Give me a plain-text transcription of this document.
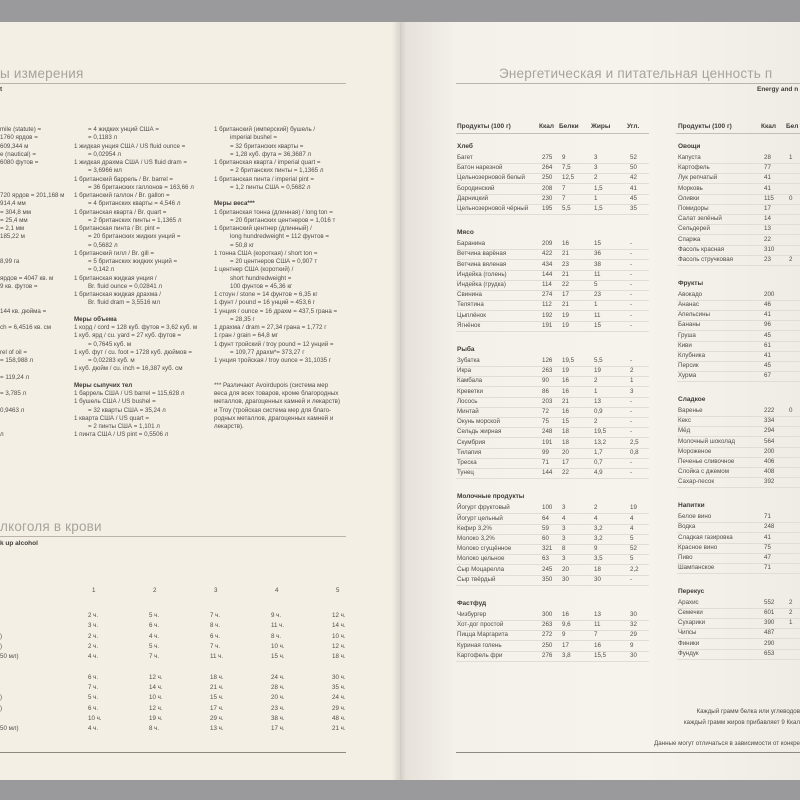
ы измерения
t
лкоголя в крови
k up alcohol
mile (statute) =
1760 ярдов =
609,344 м
e (nautical) =
6080 футов =
720 ярдов = 201,168 м
914,4 мм
= 304,8 мм
= 25,4 мм
= 2,1 мм
185,22 м
8,99 га
ярдов = 4047 кв. м
9 кв. футов =
144 кв. дюйма =
ch = 6,4516 кв. см
rel of oil =
= 158,988 л
= 119,24 л
= 3,785 л
0,9463 л
л
= 4 жидких унций США =
= 0,1183 л
1 жидкая унция США / US fluid ounce =
= 0,02954 л
1 жидкая драхма США / US fluid dram =
= 3,6966 мл
1 британский баррель / Br. barrel =
= 36 британских галлонов = 163,66 л
1 британский галлон / Br. gallon =
= 4 британских кварты = 4,546 л
1 британская кварта / Br. quart =
= 2 британских пинты = 1,1365 л
1 британская пинта / Br. pint =
= 20 британских жидких унций =
= 0,5682 л
1 британский гилл / Br. gill =
= 5 британских жидких унций =
= 0,142 л
1 британская жидкая унция /
Br. fluid ounce = 0,02841 л
1 британская жидкая драхма /
Br. fluid dram = 3,5516 мл
Меры объема
1 корд / cord = 128 куб. футов = 3,62 куб. м
1 куб. ярд / cu. yard = 27 куб. футов =
= 0,7645 куб. м
1 куб. фут / cu. foot = 1728 куб. дюймов =
= 0,02283 куб. м
1 куб. дюйм / cu. inch = 16,387 куб. см
Меры сыпучих тел
1 баррель США / US barrel = 115,628 л
1 бушель США / US bushel =
= 32 кварты США = 35,24 л
1 кварта США / US quart =
= 2 пинты США = 1,101 л
1 пинта США / US pint = 0,5506 л
1 британский (имперский) бушель /
imperial bushel =
= 32 британских кварты =
= 1,28 куб. фута = 36,3687 л
1 британская кварта / imperial quart =
= 2 британских пинты = 1,1365 л
1 британская пинта / imperial pint =
= 1,2 пинты США = 0,5682 л
Меры веса***
1 британская тонна (длинная) / long ton =
= 20 британских центнеров = 1,016 т
1 британский центнер (длинный) /
long hundredweight = 112 фунтов =
= 50,8 кг
1 тонна США (короткая) / short ton =
= 20 центнеров США = 0,907 т
1 центнер США (короткий) /
short hundredweight =
100 фунтов = 45,36 кг
1 стоун / stone = 14 фунтов = 6,35 кг
1 фунт / pound = 16 унций = 453,6 г
1 унция / ounce = 16 драхм = 437,5 грана =
= 28,35 г
1 драхма / dram = 27,34 грана = 1,772 г
1 гран / grain = 64,8 мг
1 фунт тройский / troy pound = 12 унций =
= 109,77 драхм*= 373,27 г
1 унция тройская / troy ounce = 31,1035 г
*** Различают Avoirdupois (система мер
веса для всех товаров, кроме благородных
металлов, драгоценных камней и лекарств)
и Troy (тройская система мер для благо-
родных металлов, драгоценных камней и
лекарств).
1	2	3	4	5
2 ч.	5 ч.	7 ч.	9 ч.	12 ч.
3 ч.	6 ч.	8 ч.	11 ч.	14 ч.
)	2 ч.	4 ч.	6 ч.	8 ч.	10 ч.
)	2 ч.	5 ч.	7 ч.	10 ч.	12 ч.
50 мл)	4 ч.	7 ч.	11 ч.	15 ч.	18 ч.
6 ч.	12 ч.	18 ч.	24 ч.	30 ч.
7 ч.	14 ч.	21 ч.	28 ч.	35 ч.
)	5 ч.	10 ч.	15 ч.	20 ч.	24 ч.
)	6 ч.	12 ч.	17 ч.	23 ч.	29 ч.
10 ч.	19 ч.	29 ч.	38 ч.	48 ч.
50 мл)	4 ч.	8 ч.	13 ч.	17 ч.	21 ч.
Энергетическая и питательная ценность п
Energy and n
Каждый грамм белка или углеводов
каждый грамм жиров прибавляет 9 Ккал
Данные могут отличаться в зависимости от конкре
Продукты (100 г)	Ккал Белки Жиры	Угл.	Продукты (100 г)	Ккал Бел
Хлеб
Багет	275 9	3	52
Батон нарезной	264 7,5	3	50
Цельнозерновой белый	250 12,5	2	42
Бородинский	208 7	1,5	41
Дарницкий	230 7	1	45
Цельнозерновой чёрный 195 5,5	1,5	35
Мясо
Баранина	209 16	15	-
Ветчина варёная	422 21	36	-
Ветчина вяленая	434 23	38	-
Индейка (голень)	144 21	11	-
Индейка (грудка)	114 22	5	-
Свинина	274 17	23	-
Телятина	112 21	1	-
Цыплёнок	192 19	11	-
Ягнёнок	191 19	15	-
Рыба
Зубатка	126 19,5	5,5	-
Икра	263 19	19	2
Камбала	90 16	2	1
Креветки	86 16	1	3
Лосось	203 21	13	-
Минтай	72 16	0,9	-
Окунь морской	75 15	2	-
Сельдь жирная	248 18	19,5	-
Скумбрия	191 18	13,2	2,5
Тилапия	99 20	1,7	0,8
Треска	71 17	0,7	-
Тунец	144 22	4,9	-
Молочные продукты
Йогурт фруктовый	100 3	2	19
Йогурт цельный	64 4	4	4
Кефир 3,2%	59 3	3,2	4
Молоко 3,2%	60 3	3,2	5
Молоко сгущённое	321 8	9	52
Молоко цельное	63 3	3,5	5
Сыр Моцарелла	245 20	18	2,2
Сыр твёрдый	350 30	30	-
Фастфуд
Чизбургер	300 16	13	30
Хот-дог простой	263 9,6	11	32
Пицца Маргарита	272 9	7	29
Куриная голень	250 17	16	9
Картофель фри	276 3,8	15,5	30
Овощи
Капуста	28	1
Картофель	77
Лук репчатый	41
Морковь	41
Оливки	115 0
Помидоры	17
Салат зелёный	14
Сельдерей	13
Спаржа	22
Фасоль красная	310
Фасоль стручковая	23	2
Фрукты
Авокадо	200
Ананас	46
Апельсины	41
Бананы	96
Груша	45
Киви	61
Клубника	41
Персик	45
Хурма	67
Сладкое
Варенье	222 0
Кекс	334
Мёд	294
Молочный шоколад	564
Мороженое	200
Печенье сливочное	406
Слойка с джемом	408
Сахар-песок	392
Напитки
Белое вино	71
Водка	248
Сладкая газировка	41
Красное вино	75
Пиво	47
Шампанское	71
Перекус
Арахис	552 2
Семечки	601 2
Сухарики	390 1
Чипсы	487
Финики	290
Фундук	653
